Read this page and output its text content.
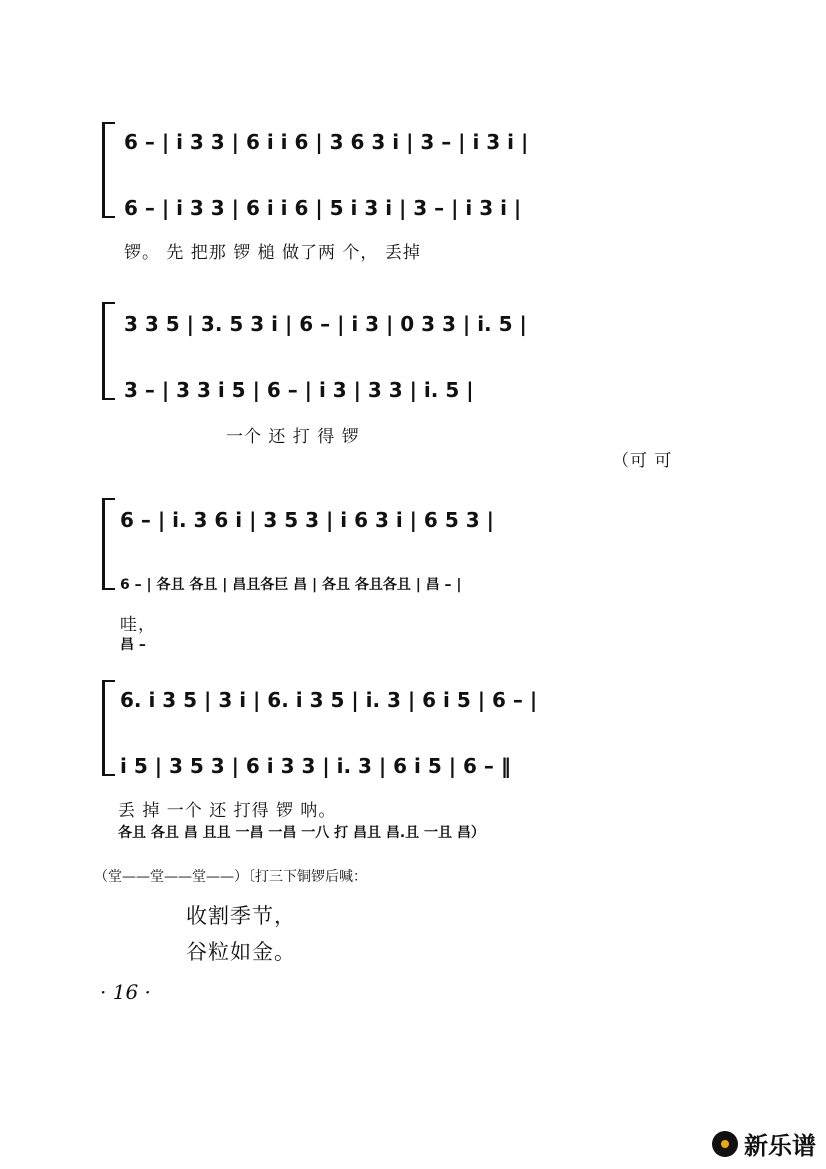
6 – | i 3 3 | 6 i i 6 | 3 6 3 i | 3 – | i 3 i |
6 – | i 3 3 | 6 i i 6 | 5 i 3 i | 3 – | i 3 i |
锣。 先 把那 锣 槌 做了两 个， 丢掉
3 3 5 | 3. 5 3 i | 6 – | i 3 | 0 3 3 | i. 5 |
3 – | 3 3 i 5 | 6 – | i 3 | 3 3 | i. 5 |
一个 还 打 得 锣
（可 可
6 – | i. 3 6 i | 3 5 3 | i 6 3 i | 6 5 3 |
6 – | 各且 各且 | 昌且各巨 昌 | 各且 各且各且 | 昌 – |
哇，
昌 –
6. i 3 5 | 3 i | 6. i 3 5 | i. 3 | 6 i 5 | 6 – |
i 5 | 3 5 3 | 6 i 3 3 | i. 3 | 6 i 5 | 6 – ‖
丢 掉 一个 还 打得 锣 呐。
各且 各且 昌 且且 一昌 一昌 一八 打 昌且 昌.且 一且 昌）
（堂——堂——堂——）〔打三下铜锣后喊：
收割季节，
谷粒如金。
· 16 ·
新乐谱
